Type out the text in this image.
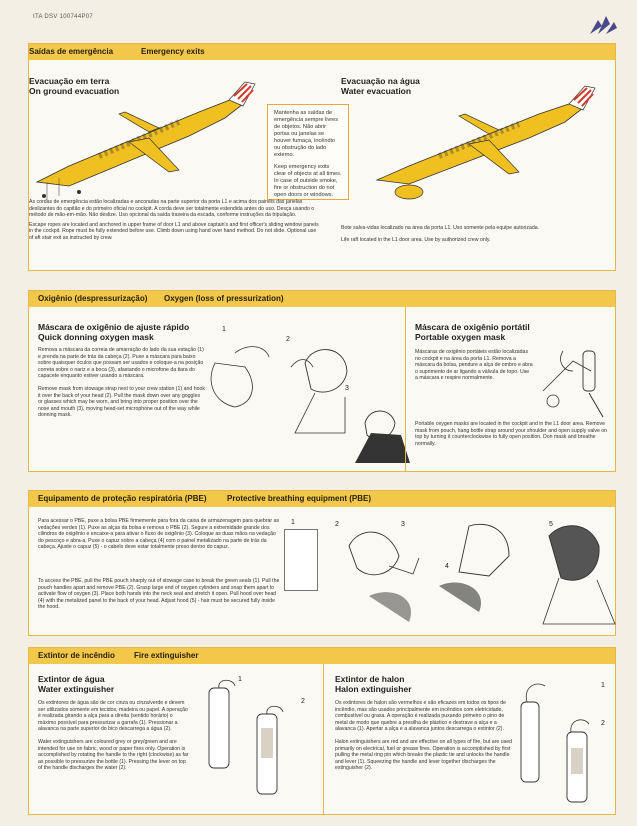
ITA DSV 100744P07
Saídas de emergência	Emergency exits
Evacuação em terra
On ground evacuation
Mantenha as saídas de emergência sempre livres de objetos. Não abrir portas ou janelas se houver fumaça, incêndio ou obstrução do lado externo.
Keep emergency exits clear of objects at all times. In case of outside smoke, fire or obstruction do not open doors or windows.
Evacuação na água
Water evacuation
As cordas de emergência estão localizadas e ancoradas na parte superior da porta L1 e acima dos painéis das janelas deslizantes do capitão e do primeiro oficial no cockpit. A corda deve ser totalmente estendida antes do uso. Desça usando o método de mão-em-mão. Não deslize. Uso opcional da saída traseira da escada, conforme instruções da tripulação.
Escape ropes are located and anchored in upper frame of door L1 and above captain's and first officer's sliding window panels in the cockpit. Rope must be fully extended before use. Climb down using hand over hand method. Do not slide. Optional use of aft stair exit as instructed by crew.
Bote salva-vidas localizado na área da porta L1. Uso somente pela equipe autorizada.
Life raft located in the L1 door area. Use by authorized crew only.
Oxigênio (despressurização) Oxygen (loss of pressurization)
Máscara de oxigênio de ajuste rápido
Quick donning oxygen mask
Remova a máscara da correia de amarração do lado da sua estação (1) e prenda na parte de trás da cabeça (2). Puxe a máscara para baixo sobre quaisquer óculos que possam ser usados e coloque-a na posição correta sobre o nariz e a boca (3), afastando o microfone da tiara do capacete enquanto estiver usando a máscara.
Remove mask from stowage strap next to your crew station (1) and hook it over the back of your head (2). Pull the mask down over any goggles or glasses which may be worn, and bring into proper position over the nose and mouth (3), moving head-set microphone out of the way while donning mask.
1
2
3
Máscara de oxigênio portátil
Portable oxygen mask
Máscaras de oxigênio portáteis estão localizadas no cockpit e na área da porta L1. Remova a máscara da bolsa, pendure a alça de ombro e abra o suprimento de ar ligando a válvula de topo. Use a máscara e respire normalmente.
Portable oxygen masks are located in the cockpit and in the L1 door area. Remove mask from pouch, hang bottle strap around your shoulder and open supply valve on top by turning it counterclockwise to fully open position. Don mask and breathe normally.
Equipamento de proteção respiratória (PBE)	Protective breathing equipment (PBE)
Para acessar o PBE, puxe a bolsa PBE firmemente para fora da caixa de armazenagem para quebrar as vedações verdes (1). Puxe as alças da bolsa e remova o PBE (2). Segure a extremidade grande dos cilindros de oxigênio e encaixe-a para ativar o fluxo de oxigênio (3). Coloque as duas mãos na vedação do pescoço e abra-a. Puxe o capuz sobre a cabeça (4) com o painel metalizado na parte de trás da cabeça. Ajuste o capuz (5) - o cabelo deve estar totalmente preso dentro do capuz.
To access the PBE, pull the PBE pouch sharply out of stowage case to break the green seals (1). Pull the pouch handles apart and remove PBE (2). Grasp large end of oxygen cylinders and snap them apart to activate flow of oxygen (3). Place both hands into the neck seal and stretch it open. Pull hood over head (4) with the metalized panel to the back of your head. Adjust hood (5) - hair must be secured fully inside the hood.
1	2	3
4
5
Extintor de incêndio Fire extinguisher
Extintor de água
Water extinguisher
Os extintores de água são de cor cinza ou cinza/verde e devem ser utilizados somente em tecidos, madeira ou papel. A operação é realizada girando a alça para a direita (sentido horário) o máximo possível para pressurizar a garrafa (1). Pressionar a alavanca na parte superior do bico descarrega a água (2).
Water extinguishers are coloured grey or grey/green and are intended for use on fabric, wood or paper fires only. Operation is accomplished by rotating the handle to the right (clockwise) as far as possible to pressurize the bottle (1). Pressing the lever on top of the handle discharges the water (2).
1
2
Extintor de halon
Halon extinguisher
Os extintores de halon são vermelhos e são eficazes em todos os tipos de incêndio, mas são usados principalmente em incêndios com eletricidade, combustível ou graxa. A operação é realizada puxando primeiro o pino de metal de modo que quebre a presilha de plástico e destrave a alça e a alavanca (1). Apertar a alça e a alavanca juntos descarrega o extintor (2).
Halon extinguishers are red and are effective on all types of fire, but are used primarily on electrical, fuel or grease fires. Operation is accomplished by first pulling the metal ring pin which breaks the plastic tie and unlocks the handle and lever (1). Squeezing the handle and lever together discharges the extinguisher (2).
1
2
